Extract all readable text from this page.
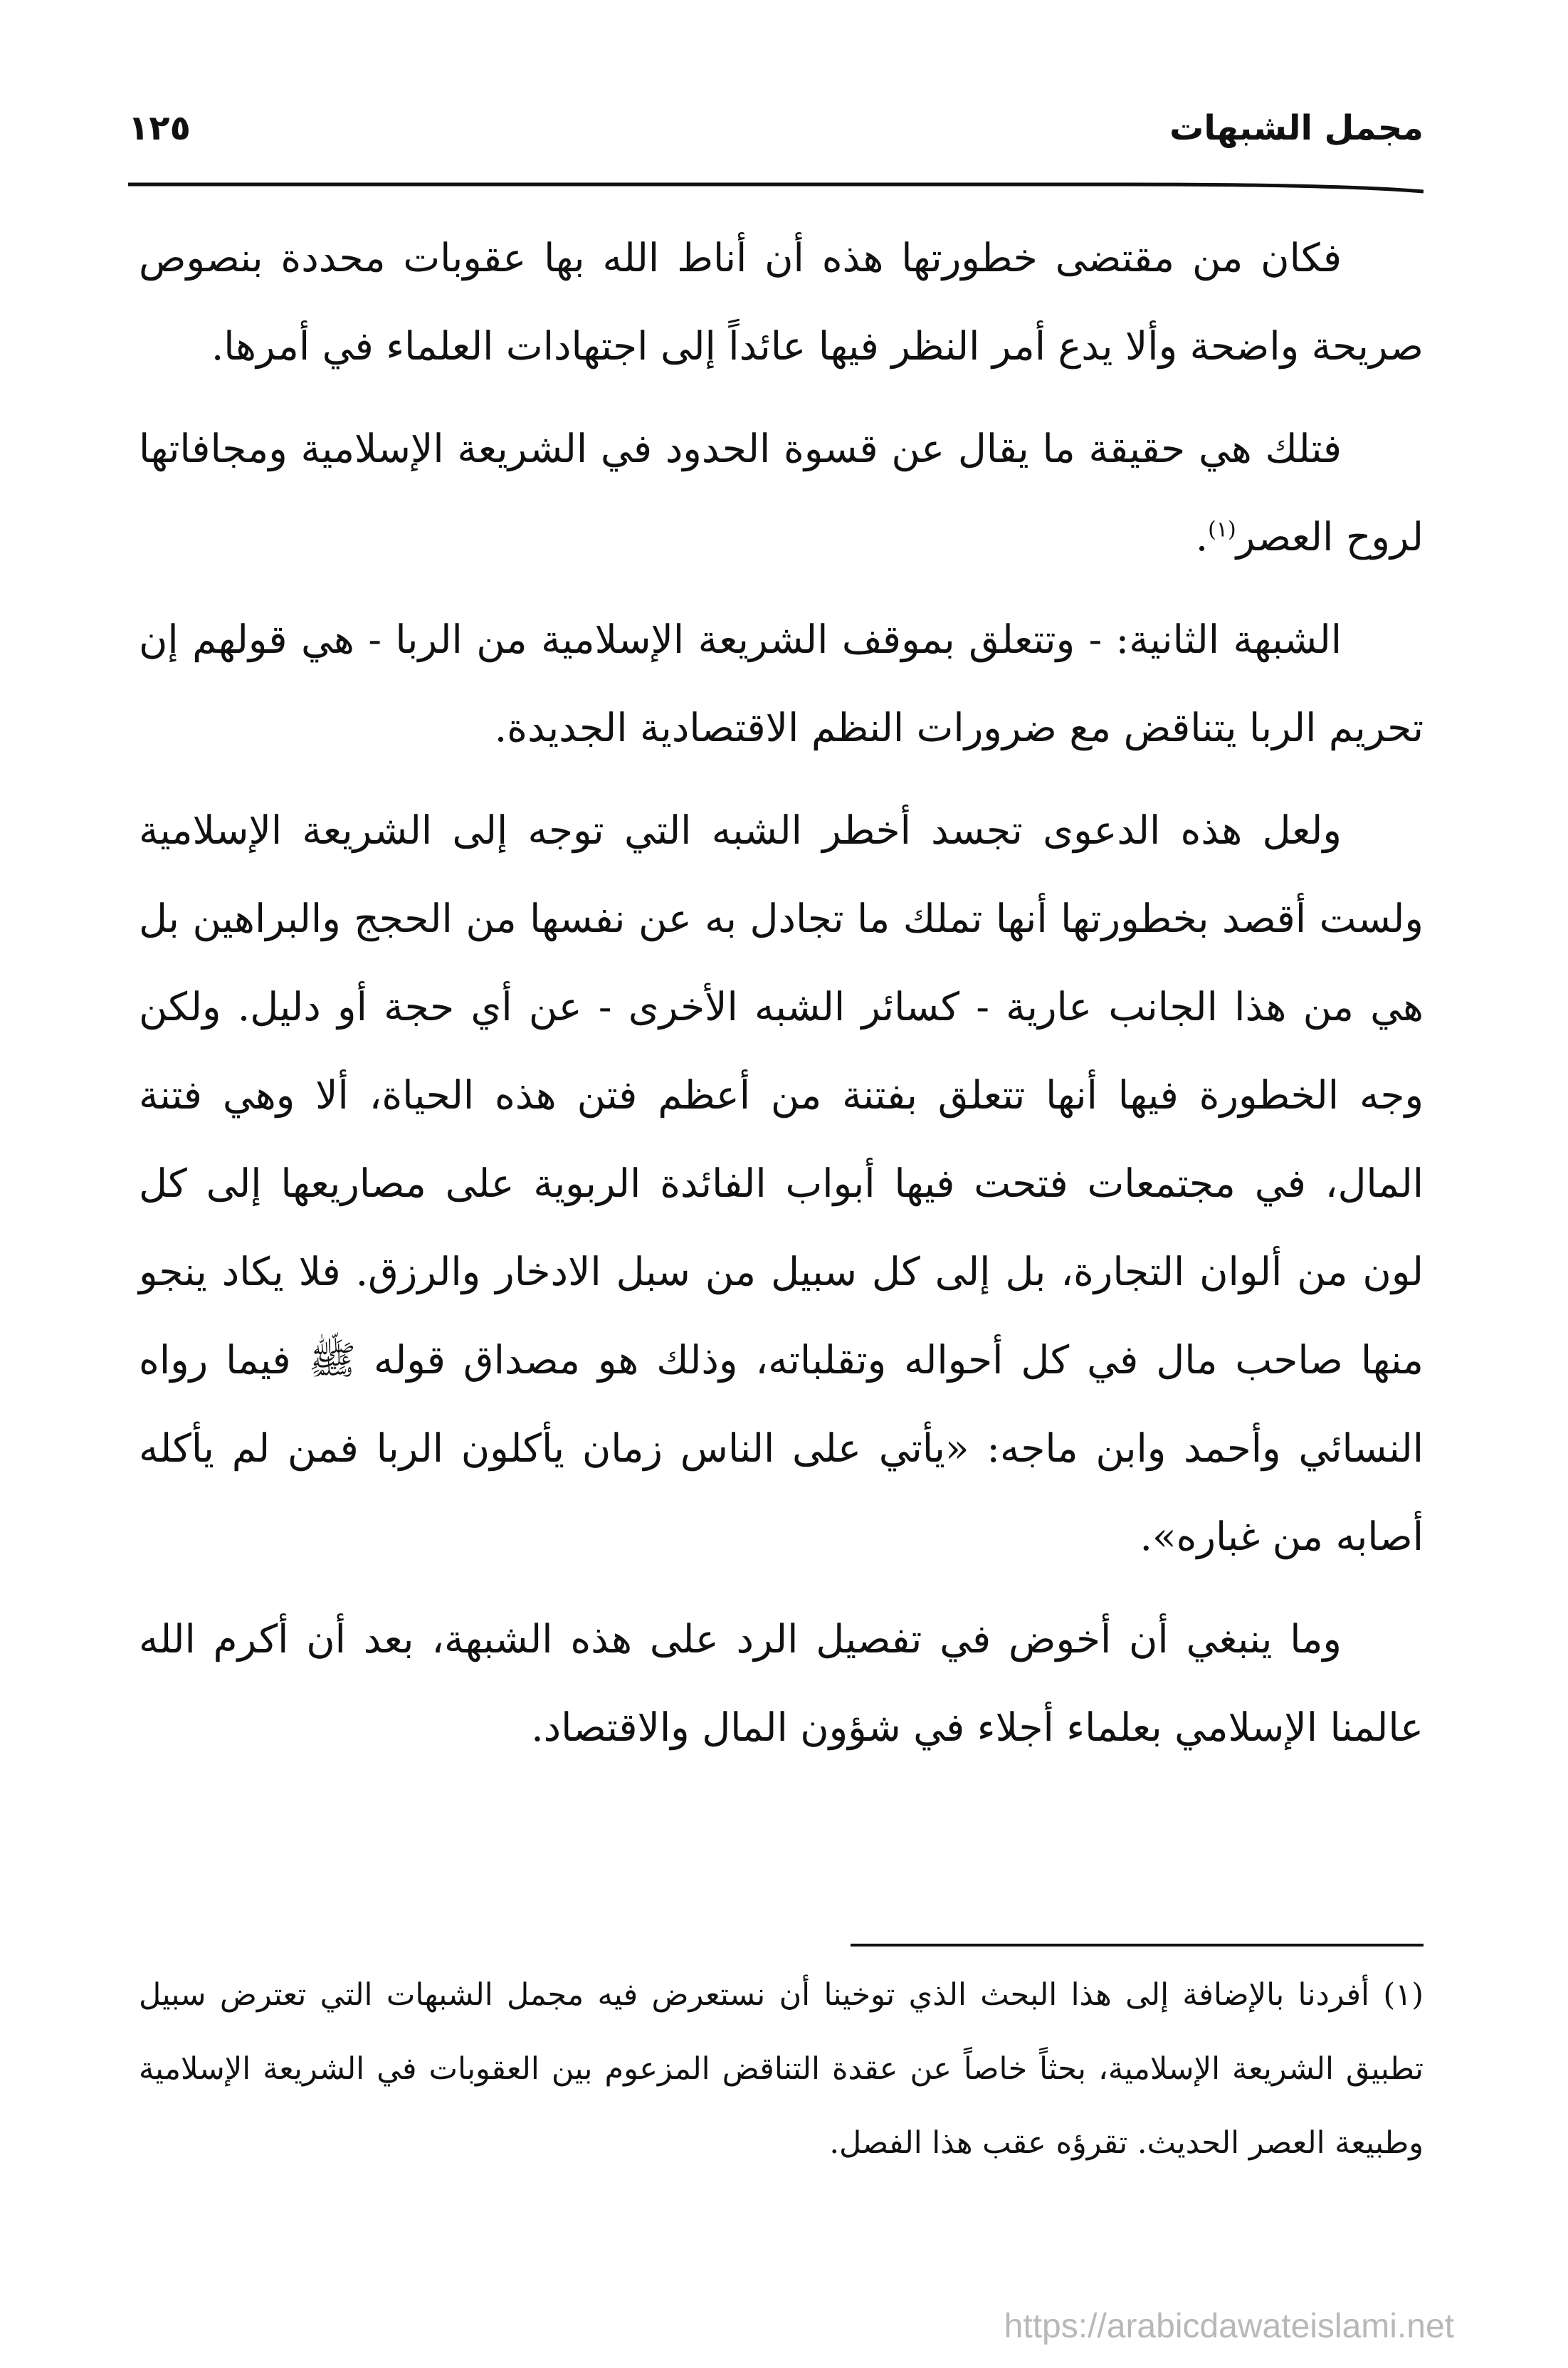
مجمل الشبهات
١٢٥

فكان من مقتضى خطورتها هذه أن أناط الله بها عقوبات محددة بنصوص صريحة واضحة وألا يدع أمر النظر فيها عائداً إلى اجتهادات العلماء في أمرها.

فتلك هي حقيقة ما يقال عن قسوة الحدود في الشريعة الإسلامية ومجافاتها لروح العصر$^{(١)}$.

الشبهة الثانية: - وتتعلق بموقف الشريعة الإسلامية من الربا - هي قولهم إن تحريم الربا يتناقض مع ضرورات النظم الاقتصادية الجديدة.

ولعل هذه الدعوى تجسد أخطر الشبه التي توجه إلى الشريعة الإسلامية ولست أقصد بخطورتها أنها تملك ما تجادل به عن نفسها من الحجج والبراهين بل هي من هذا الجانب عارية - كسائر الشبه الأخرى - عن أي حجة أو دليل. ولكن وجه الخطورة فيها أنها تتعلق بفتنة من أعظم فتن هذه الحياة، ألا وهي فتنة المال، في مجتمعات فتحت فيها أبواب الفائدة الربوية على مصاريعها إلى كل لون من ألوان التجارة، بل إلى كل سبيل من سبل الادخار والرزق. فلا يكاد ينجو منها صاحب مال في كل أحواله وتقلباته، وذلك هو مصداق قوله ﷺ فيما رواه النسائي وأحمد وابن ماجه: «يأتي على الناس زمان يأكلون الربا فمن لم يأكله أصابه من غباره».

وما ينبغي أن أخوض في تفصيل الرد على هذه الشبهة، بعد أن أكرم الله عالمنا الإسلامي بعلماء أجلاء في شؤون المال والاقتصاد.

(١) أفردنا بالإضافة إلى هذا البحث الذي توخينا أن نستعرض فيه مجمل الشبهات التي تعترض سبيل تطبيق الشريعة الإسلامية، بحثاً خاصاً عن عقدة التناقض المزعوم بين العقوبات في الشريعة الإسلامية وطبيعة العصر الحديث. تقرؤه عقب هذا الفصل.

https://arabicdawateislami.net
